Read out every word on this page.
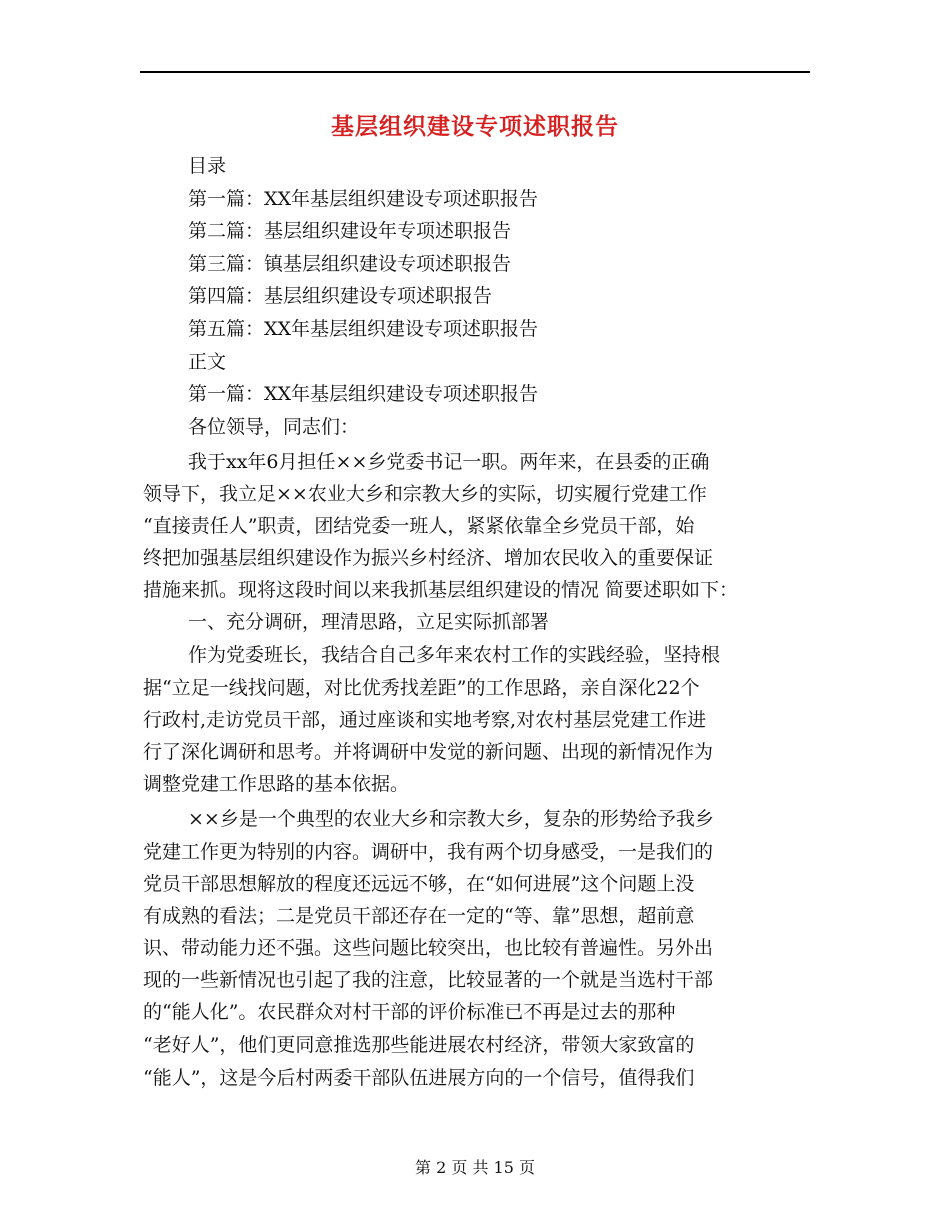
基层组织建设专项述职报告
目录
第一篇：XX年基层组织建设专项述职报告
第二篇：基层组织建设年专项述职报告
第三篇：镇基层组织建设专项述职报告
第四篇：基层组织建设专项述职报告
第五篇：XX年基层组织建设专项述职报告
正文
第一篇：XX年基层组织建设专项述职报告
各位领导，同志们：
我于xx年6月担任××乡党委书记一职。两年来，在县委的正确
领导下，我立足××农业大乡和宗教大乡的实际，切实履行党建工作
“直接责任人”职责，团结党委一班人，紧紧依靠全乡党员干部，始
终把加强基层组织建设作为振兴乡村经济、增加农民收入的重要保证
措施来抓。现将这段时间以来我抓基层组织建设的情况 简要述职如下：
一、充分调研，理清思路，立足实际抓部署
作为党委班长，我结合自己多年来农村工作的实践经验，坚持根
据“立足一线找问题，对比优秀找差距”的工作思路，亲自深化22个
行政村,走访党员干部，通过座谈和实地考察,对农村基层党建工作进
行了深化调研和思考。并将调研中发觉的新问题、出现的新情况作为
调整党建工作思路的基本依据。
××乡是一个典型的农业大乡和宗教大乡，复杂的形势给予我乡
党建工作更为特别的内容。调研中，我有两个切身感受，一是我们的
党员干部思想解放的程度还远远不够，在“如何进展”这个问题上没
有成熟的看法；二是党员干部还存在一定的“等、靠”思想，超前意
识、带动能力还不强。这些问题比较突出，也比较有普遍性。另外出
现的一些新情况也引起了我的注意，比较显著的一个就是当选村干部
的“能人化”。农民群众对村干部的评价标准已不再是过去的那种
“老好人”，他们更同意推选那些能进展农村经济，带领大家致富的
“能人”，这是今后村两委干部队伍进展方向的一个信号，值得我们
第 2 页 共 15 页
